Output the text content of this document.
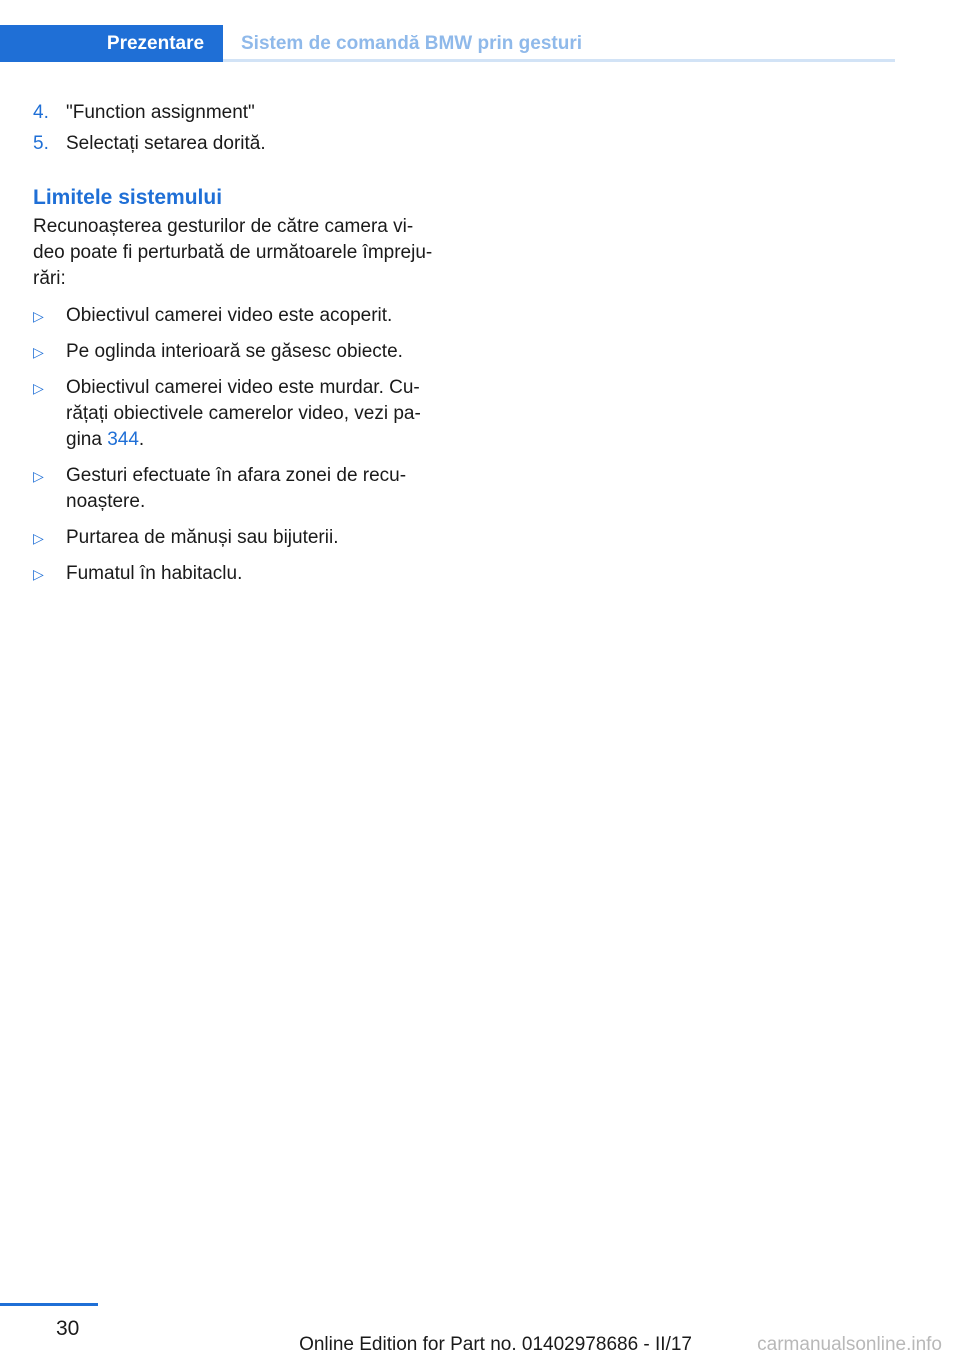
Prezentare	Sistem de comandă BMW prin gesturi
4. "Function assignment"
5. Selectați setarea dorită.
Limitele sistemului
Recunoașterea gesturilor de către camera vi-
deo poate fi perturbată de următoarele împreju-
rări:
▷	Obiectivul camerei video este acoperit.
▷	Pe oglinda interioară se găsesc obiecte.
▷	Obiectivul camerei video este murdar. Cu-
rățați obiectivele camerelor video, vezi pa-
gina 344.
▷	Gesturi efectuate în afara zonei de recu-
noaștere.
▷	Purtarea de mănuși sau bijuterii.
▷	Fumatul în habitaclu.
30
Online Edition for Part no. 01402978686 - II/17	carmanualsonline.info
